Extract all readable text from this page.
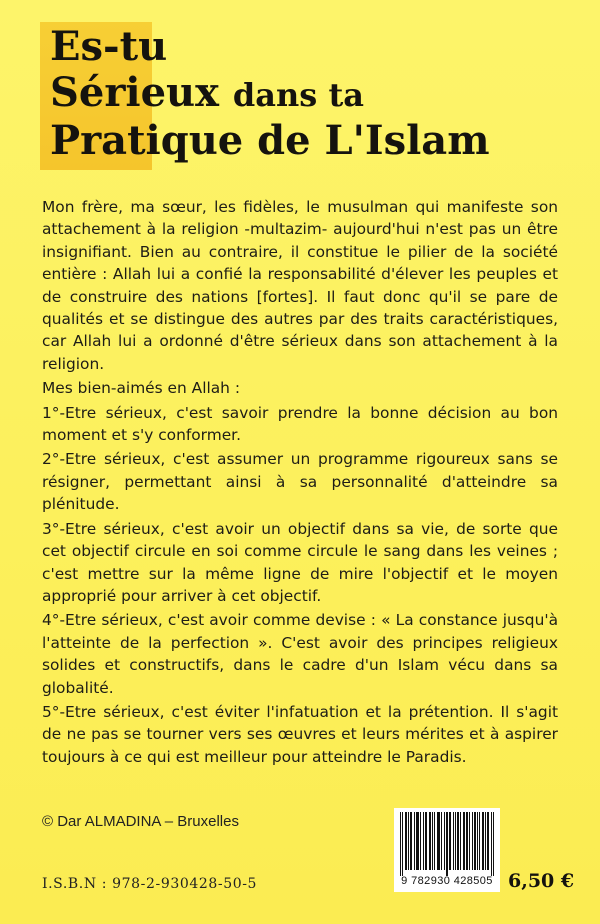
Es-tu
Sérieux dans ta
Pratique de L'Islam

Mon frère, ma sœur, les fidèles, le musulman qui manifeste son attachement à la religion -multazim- aujourd'hui n'est pas un être insignifiant. Bien au contraire, il constitue le pilier de la société entière : Allah lui a confié la responsabilité d'élever les peuples et de construire des nations [fortes]. Il faut donc qu'il se pare de qualités et se distingue des autres par des traits caractéristiques, car Allah lui a ordonné d'être sérieux dans son attachement à la religion.

Mes bien-aimés en Allah :

1°-Etre sérieux, c'est savoir prendre la bonne décision au bon moment et s'y conformer.

2°-Etre sérieux, c'est assumer un programme rigoureux sans se résigner, permettant ainsi à sa personnalité d'atteindre sa plénitude.

3°-Etre sérieux, c'est avoir un objectif dans sa vie, de sorte que cet objectif circule en soi comme circule le sang dans les veines ; c'est mettre sur la même ligne de mire l'objectif et le moyen approprié pour arriver à cet objectif.

4°-Etre sérieux, c'est avoir comme devise : « La constance jusqu'à l'atteinte de la perfection ». C'est avoir des principes religieux solides et constructifs, dans le cadre d'un Islam vécu dans sa globalité.

5°-Etre sérieux, c'est éviter l'infatuation et la prétention. Il s'agit de ne pas se tourner vers ses œuvres et leurs mérites et à aspirer toujours à ce qui est meilleur pour atteindre le Paradis.

© Dar ALMADINA – Bruxelles
I.S.B.N : 978-2-930428-50-5	9 782930 428505 6,50 €
